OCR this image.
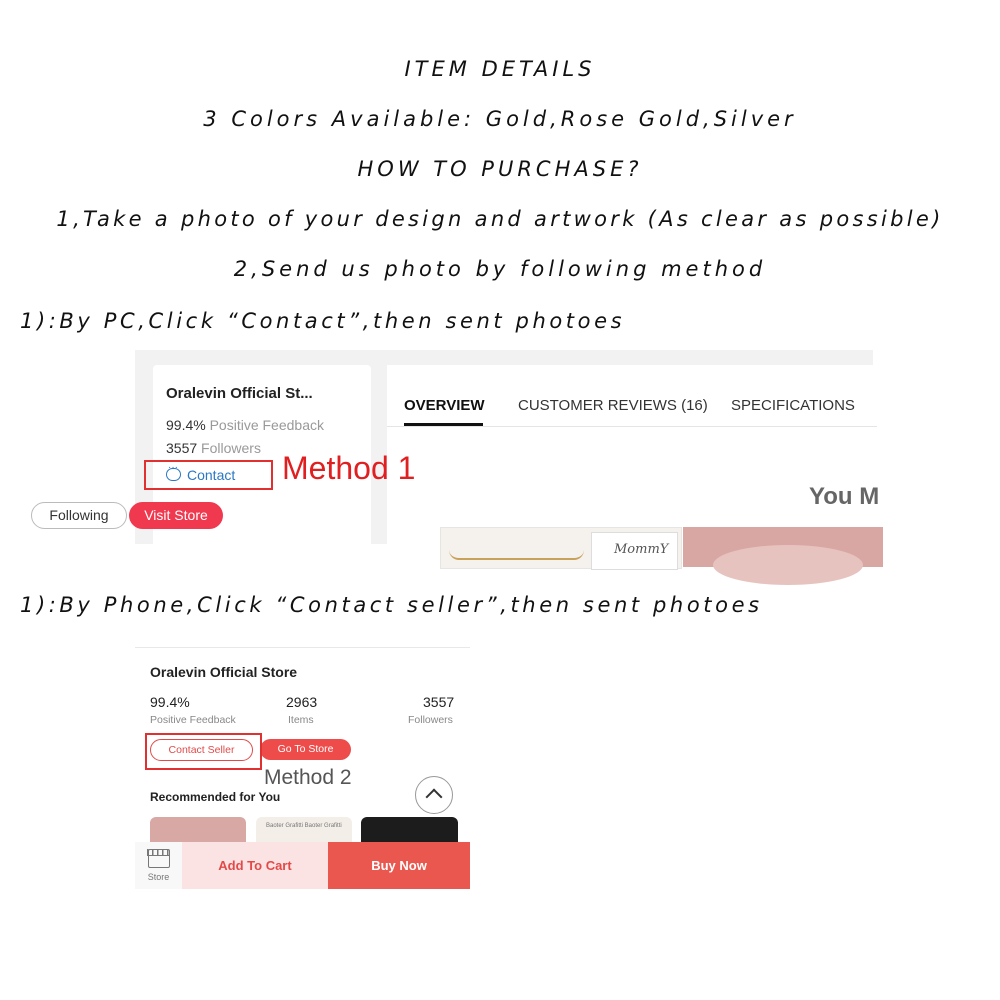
ITEM DETAILS
3 Colors Available: Gold,Rose Gold,Silver
HOW TO PURCHASE?
1,Take a photo of your design and artwork (As clear as possible)
2,Send us photo by following method
1):By PC,Click “Contact”,then sent photoes
Oralevin Official St...
99.4% Positive Feedback
3557 Followers
···Contact
OVERVIEW CUSTOMER REVIEWS (16) SPECIFICATIONS
You M
MommY
Following	Visit Store
Method 1
1):By Phone,Click “Contact seller”,then sent photoes
Oralevin Official Store
99.4%
Positive Feedback
2963
Items
3557
Followers
Contact Seller	Go To Store
Recommended for You
Baoter Grafitti Baoter Grafitti
Store
Add To Cart	Buy Now
Method 2
